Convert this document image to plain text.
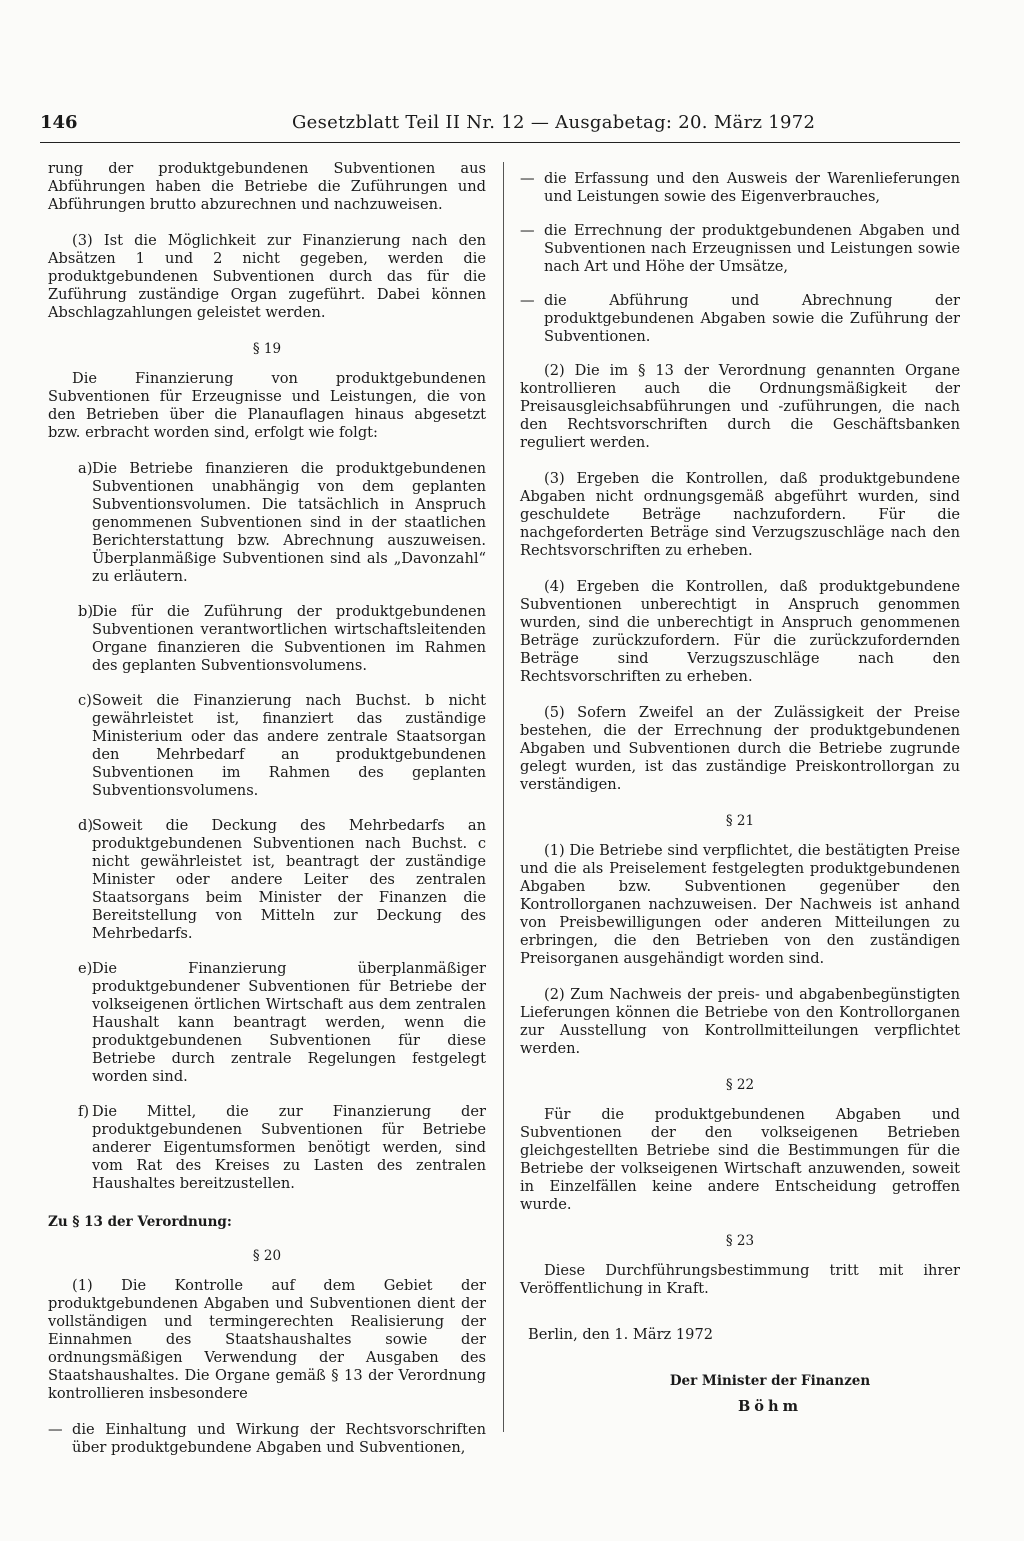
146	Gesetzblatt Teil II Nr. 12 — Ausgabetag: 20. März 1972

rung der produktgebundenen Subventionen aus Abführungen haben die Betriebe die Zuführungen und Abführungen brutto abzurechnen und nachzuweisen.

(3) Ist die Möglichkeit zur Finanzierung nach den Absätzen 1 und 2 nicht gegeben, werden die produktgebundenen Subventionen durch das für die Zuführung zuständige Organ zugeführt. Dabei können Abschlagzahlungen geleistet werden.

§ 19

Die Finanzierung von produktgebundenen Subventionen für Erzeugnisse und Leistungen, die von den Betrieben über die Planauflagen hinaus abgesetzt bzw. erbracht worden sind, erfolgt wie folgt:

a) Die Betriebe finanzieren die produktgebundenen Subventionen unabhängig von dem geplanten Subventionsvolumen. Die tatsächlich in Anspruch genommenen Subventionen sind in der staatlichen Berichterstattung bzw. Abrechnung auszuweisen. Überplanmäßige Subventionen sind als „Davonzahl“ zu erläutern.
b)
Die für die Zuführung der produktgebundenen Subventionen verantwortlichen wirtschaftsleitenden Organe finanzieren die Subventionen im Rahmen des geplanten Subventionsvolumens.
c) Soweit die Finanzierung nach Buchst. b nicht gewährleistet ist, finanziert das zuständige Ministerium oder das andere zentrale Staatsorgan den Mehrbedarf an produktgebundenen Subventionen im Rahmen des geplanten Subventionsvolumens.
d)
Soweit die Deckung des Mehrbedarfs an produktgebundenen Subventionen nach Buchst. c nicht gewährleistet ist, beantragt der zuständige Minister oder andere Leiter des zentralen Staatsorgans beim Minister der Finanzen die Bereitstellung von Mitteln zur Deckung des Mehrbedarfs.
e) Die Finanzierung überplanmäßiger produktgebundener Subventionen für Betriebe der volkseigenen örtlichen Wirtschaft aus dem zentralen Haushalt kann beantragt werden, wenn die produktgebundenen Subventionen für diese Betriebe durch zentrale Regelungen festgelegt worden sind.
f) Die Mittel, die zur Finanzierung der produktgebundenen Subventionen für Betriebe anderer Eigentumsformen benötigt werden, sind vom Rat des Kreises zu Lasten des zentralen Haushaltes bereitzustellen.
Zu § 13 der Verordnung:
§ 20

(1) Die Kontrolle auf dem Gebiet der produktgebundenen Abgaben und Subventionen dient der vollständigen und termingerechten Realisierung der Einnahmen des Staatshaushaltes sowie der ordnungsmäßigen Verwendung der Ausgaben des Staatshaushaltes. Die Organe gemäß § 13 der Verordnung kontrollieren insbesondere

— die Einhaltung und Wirkung der Rechtsvorschriften über produktgebundene Abgaben und Subventionen,
— die Erfassung und den Ausweis der Warenlieferungen und Leistungen sowie des Eigenverbrauches,
— die Errechnung der produktgebundenen Abgaben und Subventionen nach Erzeugnissen und Leistungen sowie nach Art und Höhe der Umsätze,
— die Abführung und Abrechnung der produktgebundenen Abgaben sowie die Zuführung der Subventionen.

(2) Die im § 13 der Verordnung genannten Organe kontrollieren auch die Ordnungsmäßigkeit der Preisausgleichsabführungen und -zuführungen, die nach den Rechtsvorschriften durch die Geschäftsbanken reguliert werden.

(3) Ergeben die Kontrollen, daß produktgebundene Abgaben nicht ordnungsgemäß abgeführt wurden, sind geschuldete Beträge nachzufordern. Für die nachgeforderten Beträge sind Verzugszuschläge nach den Rechtsvorschriften zu erheben.

(4) Ergeben die Kontrollen, daß produktgebundene Subventionen unberechtigt in Anspruch genommen wurden, sind die unberechtigt in Anspruch genommenen Beträge zurückzufordern. Für die zurückzufordernden Beträge sind Verzugszuschläge nach den Rechtsvorschriften zu erheben.

(5) Sofern Zweifel an der Zulässigkeit der Preise bestehen, die der Errechnung der produktgebundenen Abgaben und Subventionen durch die Betriebe zugrunde gelegt wurden, ist das zuständige Preiskontrollorgan zu verständigen.

§ 21

(1) Die Betriebe sind verpflichtet, die bestätigten Preise und die als Preiselement festgelegten produktgebundenen Abgaben bzw. Subventionen gegenüber den Kontrollorganen nachzuweisen. Der Nachweis ist anhand von Preisbewilligungen oder anderen Mitteilungen zu erbringen, die den Betrieben von den zuständigen Preisorganen ausgehändigt worden sind.

(2) Zum Nachweis der preis- und abgabenbegünstigten Lieferungen können die Betriebe von den Kontrollorganen zur Ausstellung von Kontrollmitteilungen verpflichtet werden.

§ 22

Für die produktgebundenen Abgaben und Subventionen der den volkseigenen Betrieben gleichgestellten Betriebe sind die Bestimmungen für die Betriebe der volkseigenen Wirtschaft anzuwenden, soweit in Einzelfällen keine andere Entscheidung getroffen wurde.

§ 23

Diese Durchführungsbestimmung tritt mit ihrer Veröffentlichung in Kraft.

Berlin, den 1. März 1972
Der Minister der Finanzen
Böhm
